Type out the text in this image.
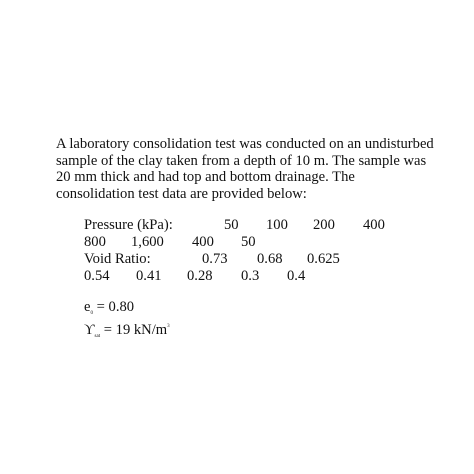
A laboratory consolidation test was conducted on an undisturbed
sample of the clay taken from a depth of 10 m. The sample was
20 mm thick and had top and bottom drainage. The
consolidation test data are provided below:
Pressure (kPa):	50 100 200 400
800 1,600 400 50
Void Ratio:	0.73 0.68 0.625
0.54 0.41 0.28 0.3 0.4
$e_0 = 0.80$
$ϒ_{sat} = 19$ $kN/m^3$
